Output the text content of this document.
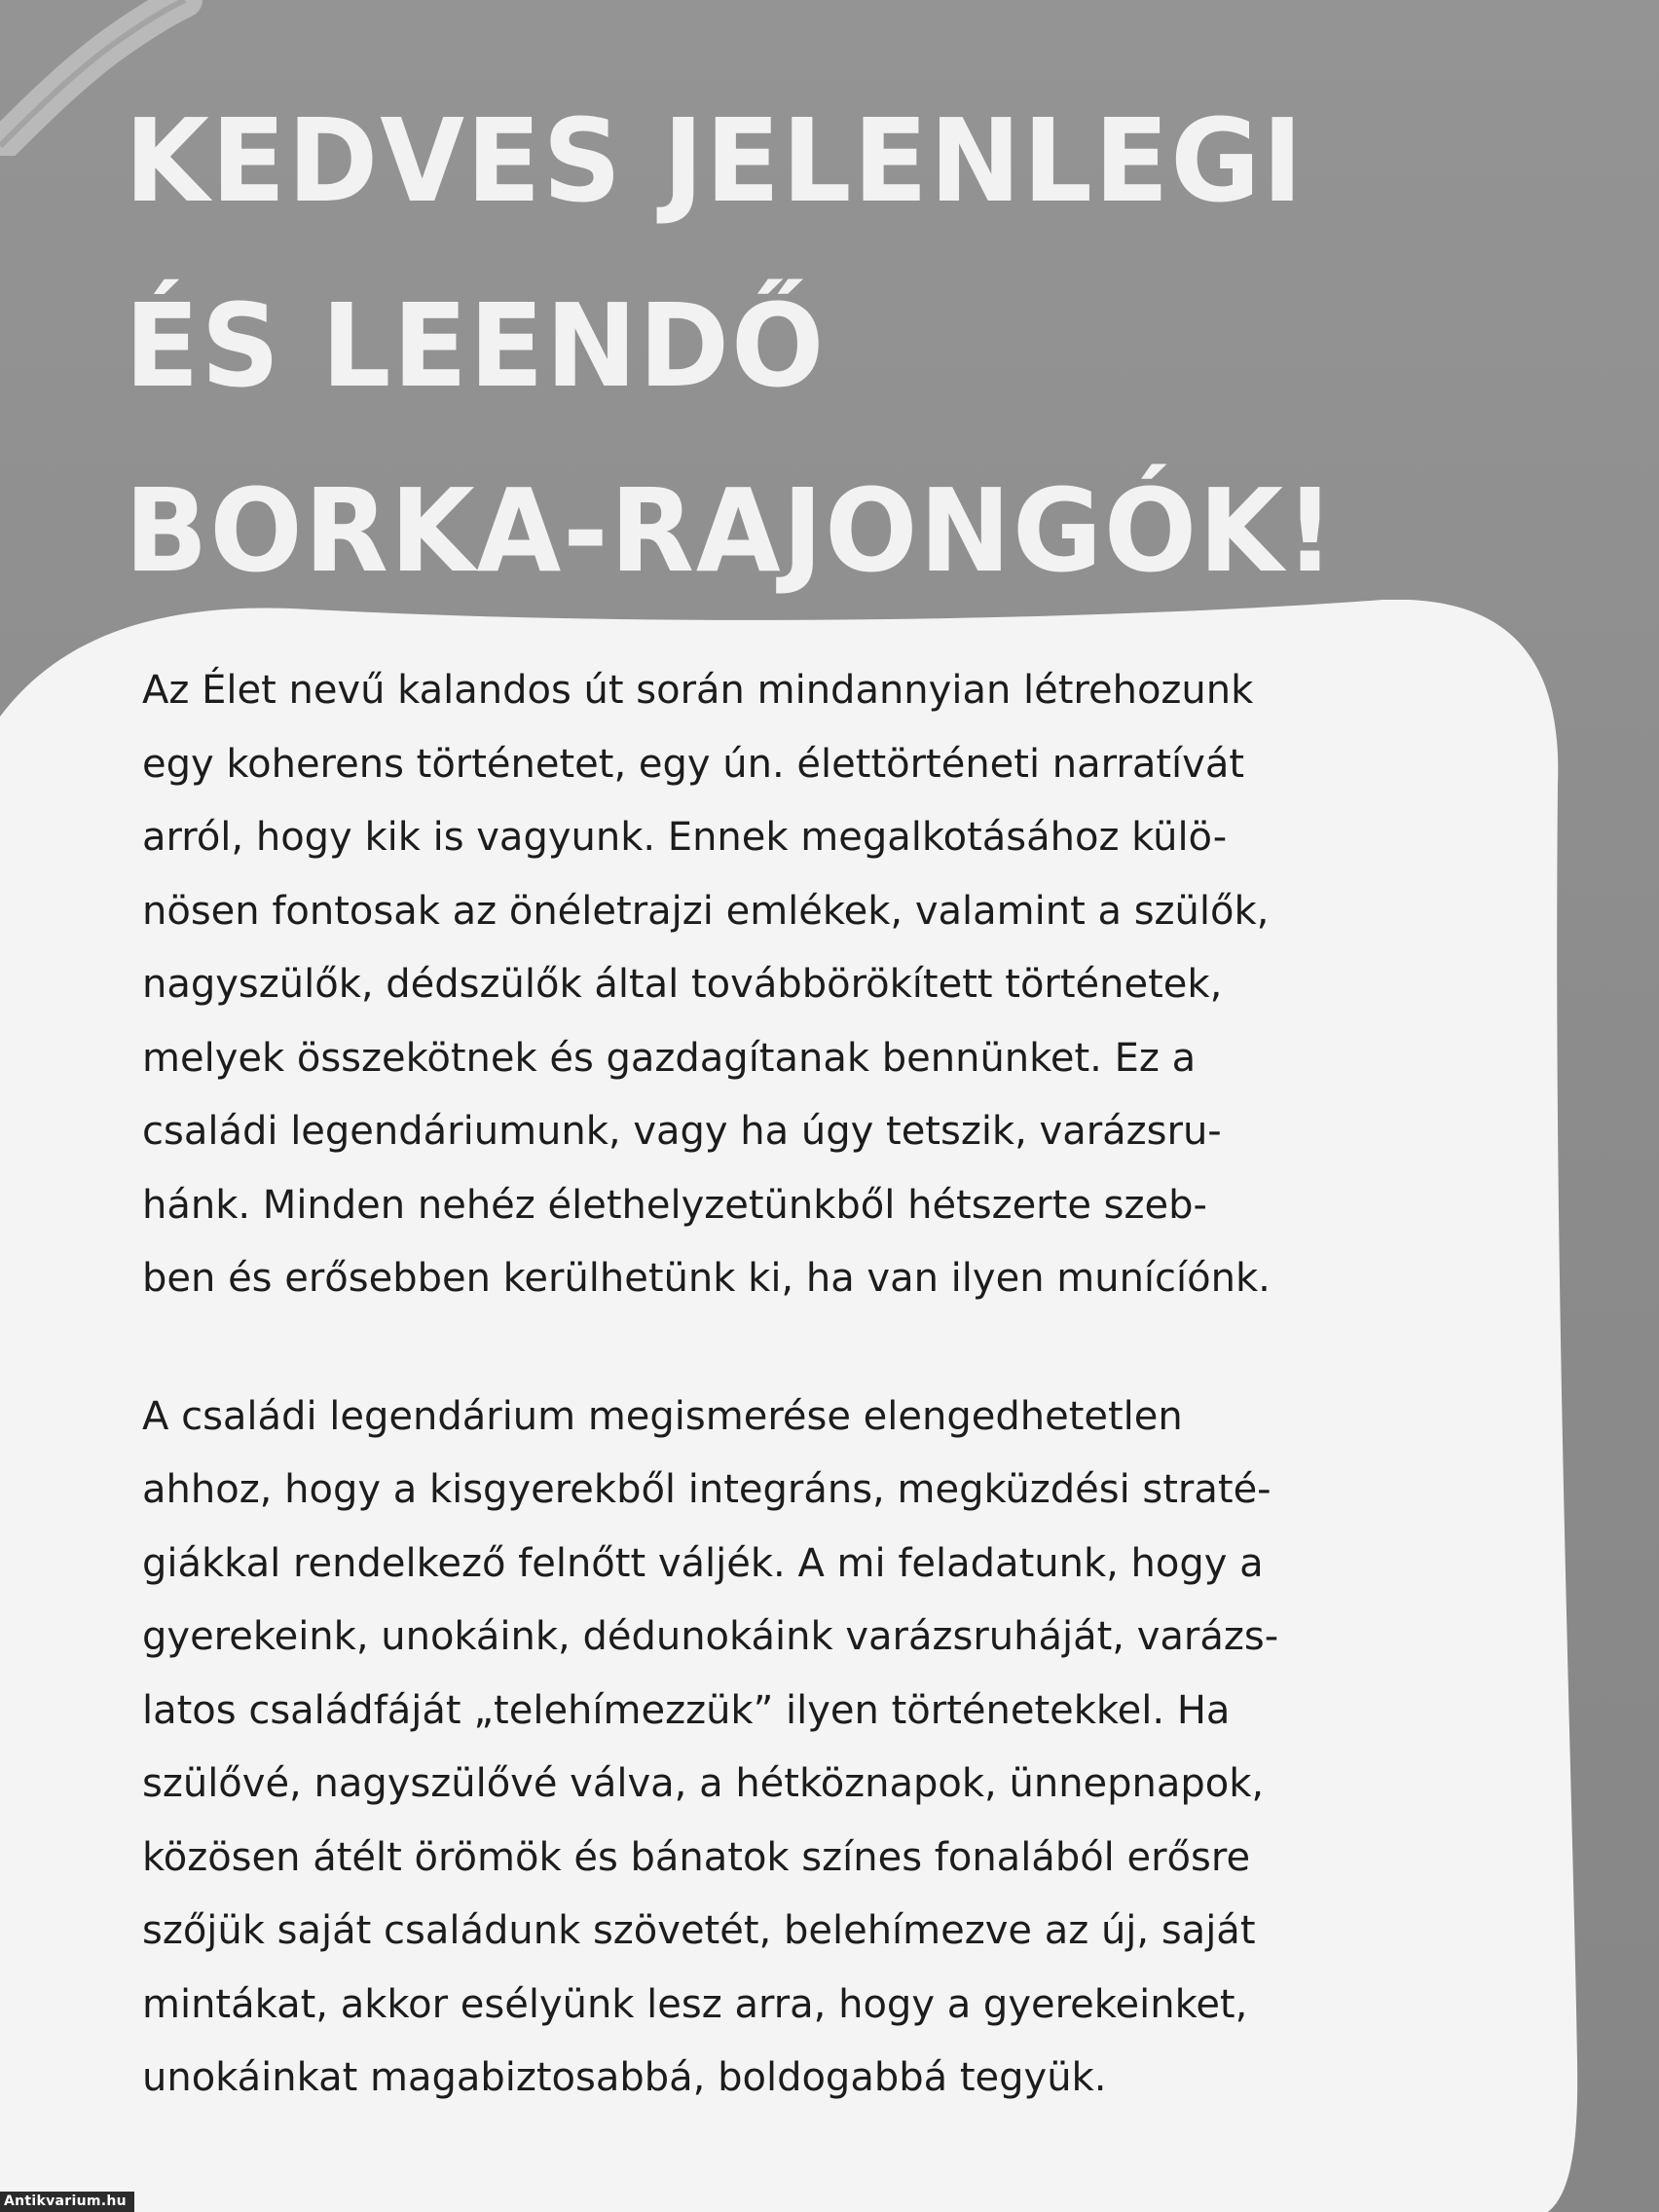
KEDVES JELENLEGI
ÉS LEENDŐ
BORKA-RAJONGÓK!

Az Élet nevű kalandos út során mindannyian létrehozunk
egy koherens történetet, egy ún. élettörténeti narratívát
arról, hogy kik is vagyunk. Ennek megalkotásához külö-
nösen fontosak az önéletrajzi emlékek, valamint a szülők,
nagyszülők, dédszülők által továbbörökített történetek,
melyek összekötnek és gazdagítanak bennünket. Ez a
családi legendáriumunk, vagy ha úgy tetszik, varázsru-
hánk. Minden nehéz élethelyzetünkből hétszerte szeb-
ben és erősebben kerülhetünk ki, ha van ilyen munícíónk.

A családi legendárium megismerése elengedhetetlen
ahhoz, hogy a kisgyerekből integráns, megküzdési straté-
giákkal rendelkező felnőtt váljék. A mi feladatunk, hogy a
gyerekeink, unokáink, dédunokáink varázsruháját, varázs-
latos családfáját „telehímezzük” ilyen történetekkel. Ha
szülővé, nagyszülővé válva, a hétköznapok, ünnepnapok,
közösen átélt örömök és bánatok színes fonalából erősre
szőjük saját családunk szövetét, belehímezve az új, saját
mintákat, akkor esélyünk lesz arra, hogy a gyerekeinket,
unokáinkat magabiztosabbá, boldogabbá tegyük.

Antikvarium.hu
